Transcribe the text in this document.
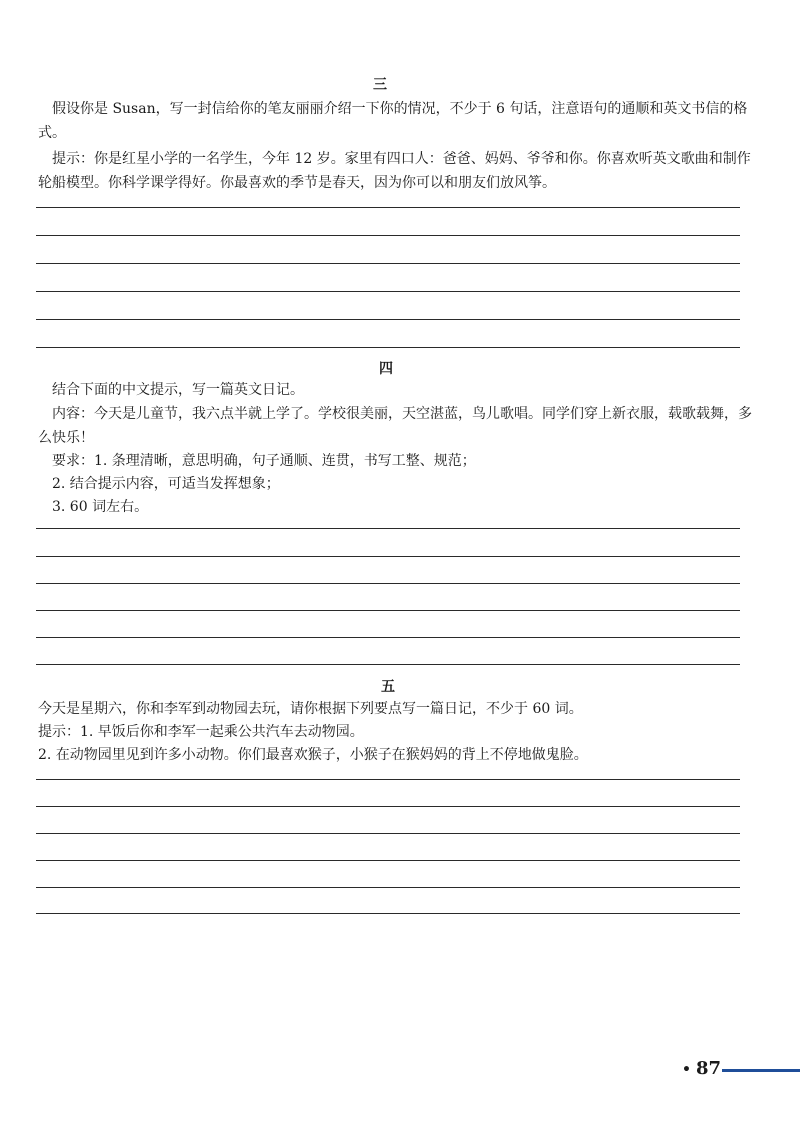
三

假设你是 Susan，写一封信给你的笔友丽丽介绍一下你的情况，不少于 6 句话，注意语句的通顺和英文书信的格式。

提示：你是红星小学的一名学生，今年 12 岁。家里有四口人：爸爸、妈妈、爷爷和你。你喜欢听英文歌曲和制作轮船模型。你科学课学得好。你最喜欢的季节是春天，因为你可以和朋友们放风筝。

四

结合下面的中文提示，写一篇英文日记。

内容：今天是儿童节，我六点半就上学了。学校很美丽，天空湛蓝，鸟儿歌唱。同学们穿上新衣服，载歌载舞，多么快乐！

要求：1. 条理清晰，意思明确，句子通顺、连贯，书写工整、规范；

2. 结合提示内容，可适当发挥想象；

3. 60 词左右。

五

今天是星期六，你和李军到动物园去玩，请你根据下列要点写一篇日记，不少于 60 词。

提示：1. 早饭后你和李军一起乘公共汽车去动物园。

2. 在动物园里见到许多小动物。你们最喜欢猴子，小猴子在猴妈妈的背上不停地做鬼脸。

• 87
